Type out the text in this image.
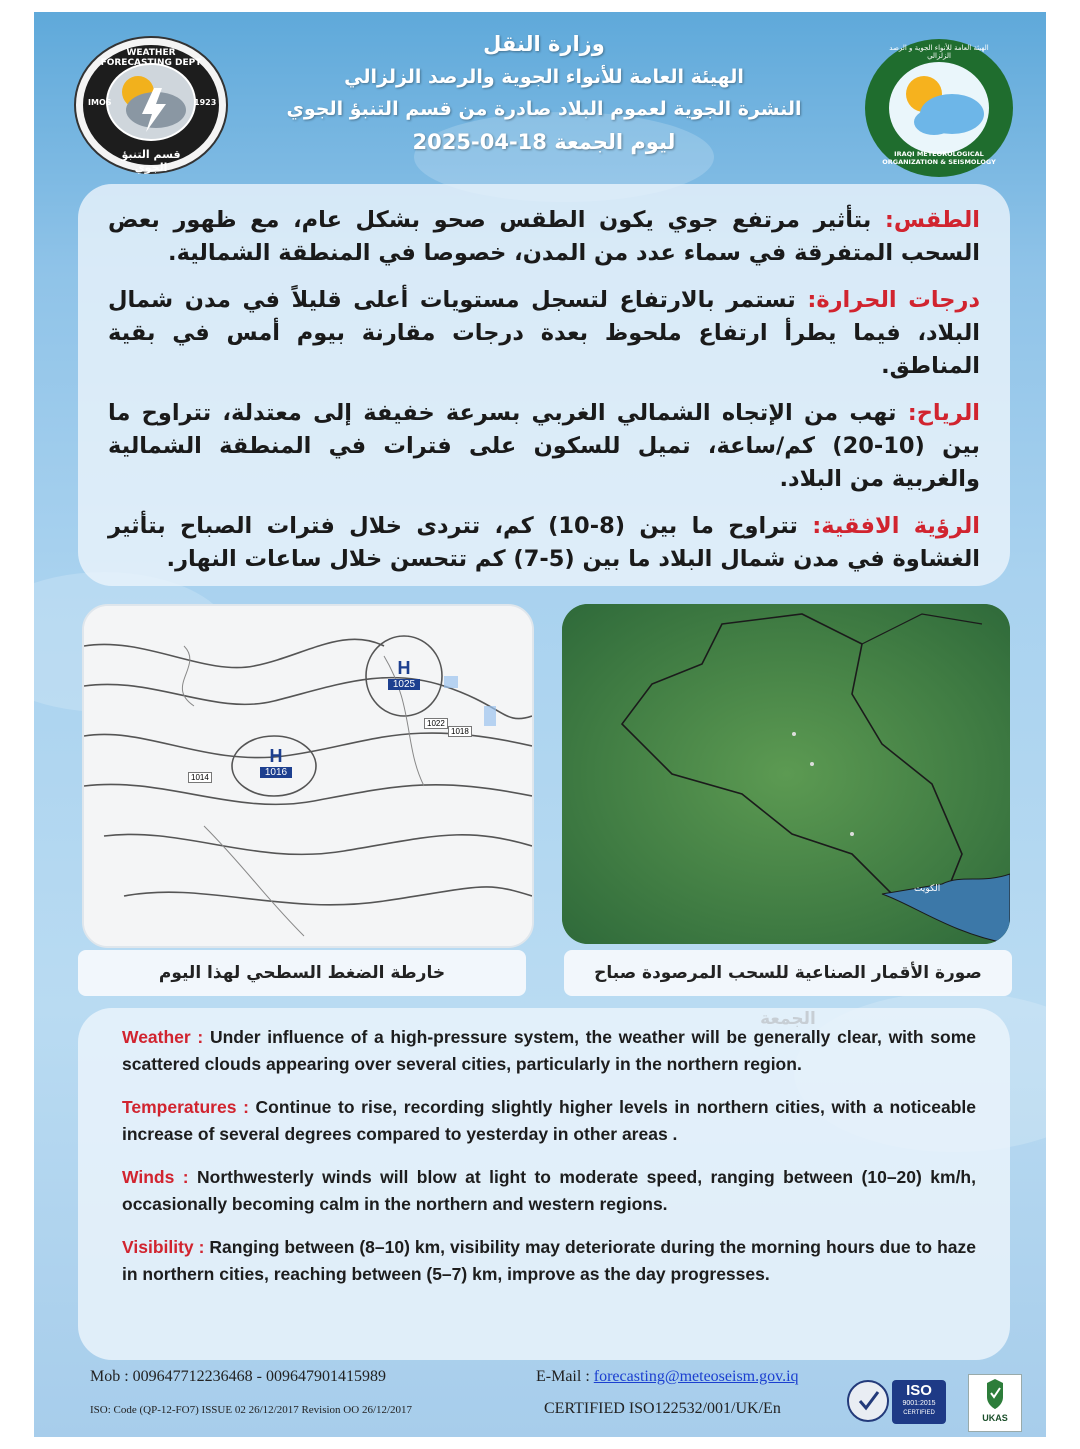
WEATHER FORECASTING DEPT
IMOS	1923
قسم التنبؤ الجوي
الهيئة العامة للأنواء الجوية و الرصد الزلزالي
IRAQI METEOROLOGICAL ORGANIZATION & SEISMOLOGY
وزارة النقل
الهيئة العامة للأنواء الجوية والرصد الزلزالي
النشرة الجوية لعموم البلاد صادرة من قسم التنبؤ الجوي
ليوم الجمعة 18-04-2025

الطقس: بتأثير مرتفع جوي يكون الطقس صحو بشكل عام، مع ظهور بعض السحب المتفرقة في سماء عدد من المدن، خصوصا في المنطقة الشمالية.

درجات الحرارة: تستمر بالارتفاع لتسجل مستويات أعلى قليلاً في مدن شمال البلاد، فيما يطرأ ارتفاع ملحوظ بعدة درجات مقارنة بيوم أمس في بقية المناطق.

الرياح: تهب من الإتجاه الشمالي الغربي بسرعة خفيفة إلى معتدلة، تتراوح ما بين (10-20) كم/ساعة، تميل للسكون على فترات في المنطقة الشمالية والغربية من البلاد.

الرؤية الافقية: تتراوح ما بين (8-10) كم، تتردى خلال فترات الصباح بتأثير الغشاوة في مدن شمال البلاد ما بين (5-7) كم تتحسن خلال ساعات النهار.

H
1025
H
1016
1014
1022
1018
خارطة الضغط السطحي لهذا اليوم
الكويت
صورة الأقمار الصناعية للسحب المرصودة صباح

Weather : Under influence of a high-pressure system, the weather will be generally clear, with some scattered clouds appearing over several cities, particularly in the northern region.

Temperatures : Continue to rise, recording slightly higher levels in northern cities, with a noticeable increase of several degrees compared to yesterday in other areas .

Winds : Northwesterly winds will blow at light to moderate speed, ranging between (10–20) km/h, occasionally becoming calm in the northern and western regions.

Visibility : Ranging between (8–10) km, visibility may deteriorate during the morning hours due to haze in northern cities, reaching between (5–7) km, improve as the day progresses.

Mob : 009647712236468 - 009647901415989	E-Mail : forecasting@meteoseism.gov.iq
ISO: Code (QP-12-FO7) ISSUE 02 26/12/2017 Revision OO 26/12/2017	CERTIFIED ISO122532/001/UK/En
ISO
9001:2015
CERTIFIED	UKAS
